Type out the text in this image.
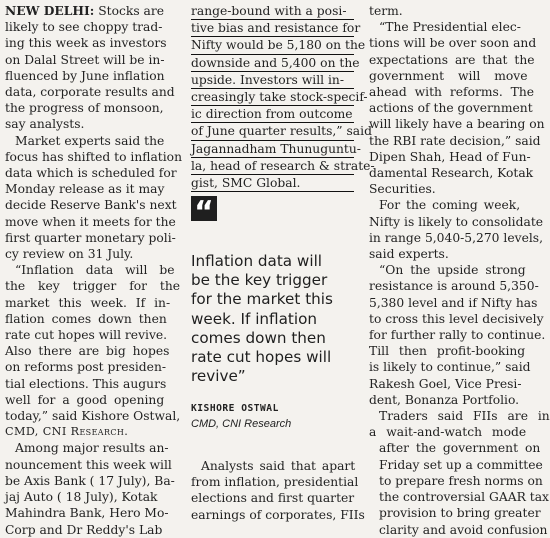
NEW DELHI: Stocks are
likely to see choppy trad-
ing this week as investors
on Dalal Street will be in-
fluenced by June inflation
data, corporate results and
the progress of monsoon,
say analysts.
Market experts said the
focus has shifted to inflation
data which is scheduled for
Monday release as it may
decide Reserve Bank's next
move when it meets for the
first quarter monetary poli-
cy review on 31 July.
“Inflation data will be
the key trigger for the
market this week. If in-
flation comes down then
rate cut hopes will revive.
Also there are big hopes
on reforms post presiden-
tial elections. This augurs
well for a good opening
today,” said Kishore Ostwal,
CMD, CNI Research.
Among major results an-
nouncement this week will
be Axis Bank ( 17 July), Ba-
jaj Auto ( 18 July), Kotak
Mahindra Bank, Hero Mo-
Corp and Dr Reddy's Lab
range-bound with a posi-
tive bias and resistance for
Nifty would be 5,180 on the
downside and 5,400 on the
upside. Investors will in-
creasingly take stock-specif-
ic direction from outcome
of June quarter results,” said
Jagannadham Thunuguntu-
la, head of research & strate-
gist, SMC Global.
“
Inflation data will
be the key trigger
for the market this
week. If inflation
comes down then
rate cut hopes will
revive”
KISHORE OSTWAL
CMD, CNI Research
Analysts said that apart
from inflation, presidential
elections and first quarter
earnings of corporates, FIIs
term.
“The Presidential elec-
tions will be over soon and
expectations are that the
government will move
ahead with reforms. The
actions of the government
will likely have a bearing on
the RBI rate decision,” said
Dipen Shah, Head of Fun-
damental Research, Kotak
Securities.
For the coming week,
Nifty is likely to consolidate
in range 5,040-5,270 levels,
said experts.
“On the upside strong
resistance is around 5,350-
5,380 level and if Nifty has
to cross this level decisively
for further rally to continue.
Till then profit-booking
is likely to continue,” said
Rakesh Goel, Vice Presi-
dent, Bonanza Portfolio.
Traders said FIIs are in
a wait-and-watch mode
after the government on
Friday set up a committee
to prepare fresh norms on
the controversial GAAR tax
provision to bring greater
clarity and avoid confusion
